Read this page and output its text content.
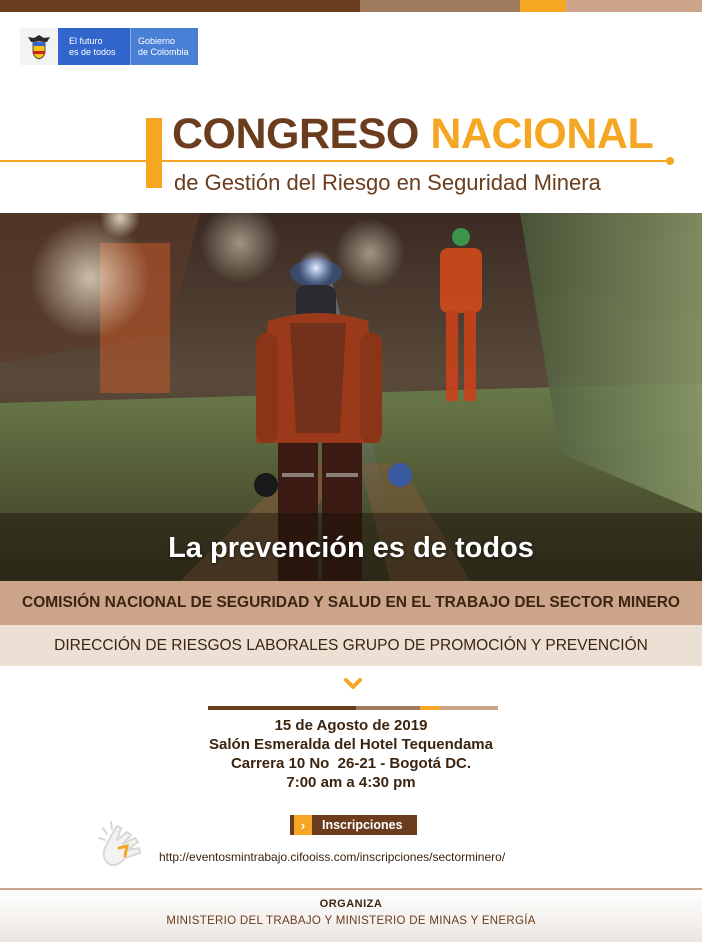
El futuro
es de todos
Gobierno
de Colombia
CONGRESO NACIONAL
de Gestión del Riesgo en Seguridad Minera
La prevención es de todos
COMISIÓN NACIONAL DE SEGURIDAD Y SALUD EN EL TRABAJO DEL SECTOR MINERO
DIRECCIÓN DE RIESGOS LABORALES GRUPO DE PROMOCIÓN Y PREVENCIÓN
15 de Agosto de 2019
Salón Esmeralda del Hotel Tequendama
Carrera 10 No  26-21 - Bogotá DC.
7:00 am a 4:30 pm
›	Inscripciones
http://eventosmintrabajo.cifooiss.com/inscripciones/sectorminero/
ORGANIZA
MINISTERIO DEL TRABAJO Y MINISTERIO DE MINAS Y ENERGÍA
